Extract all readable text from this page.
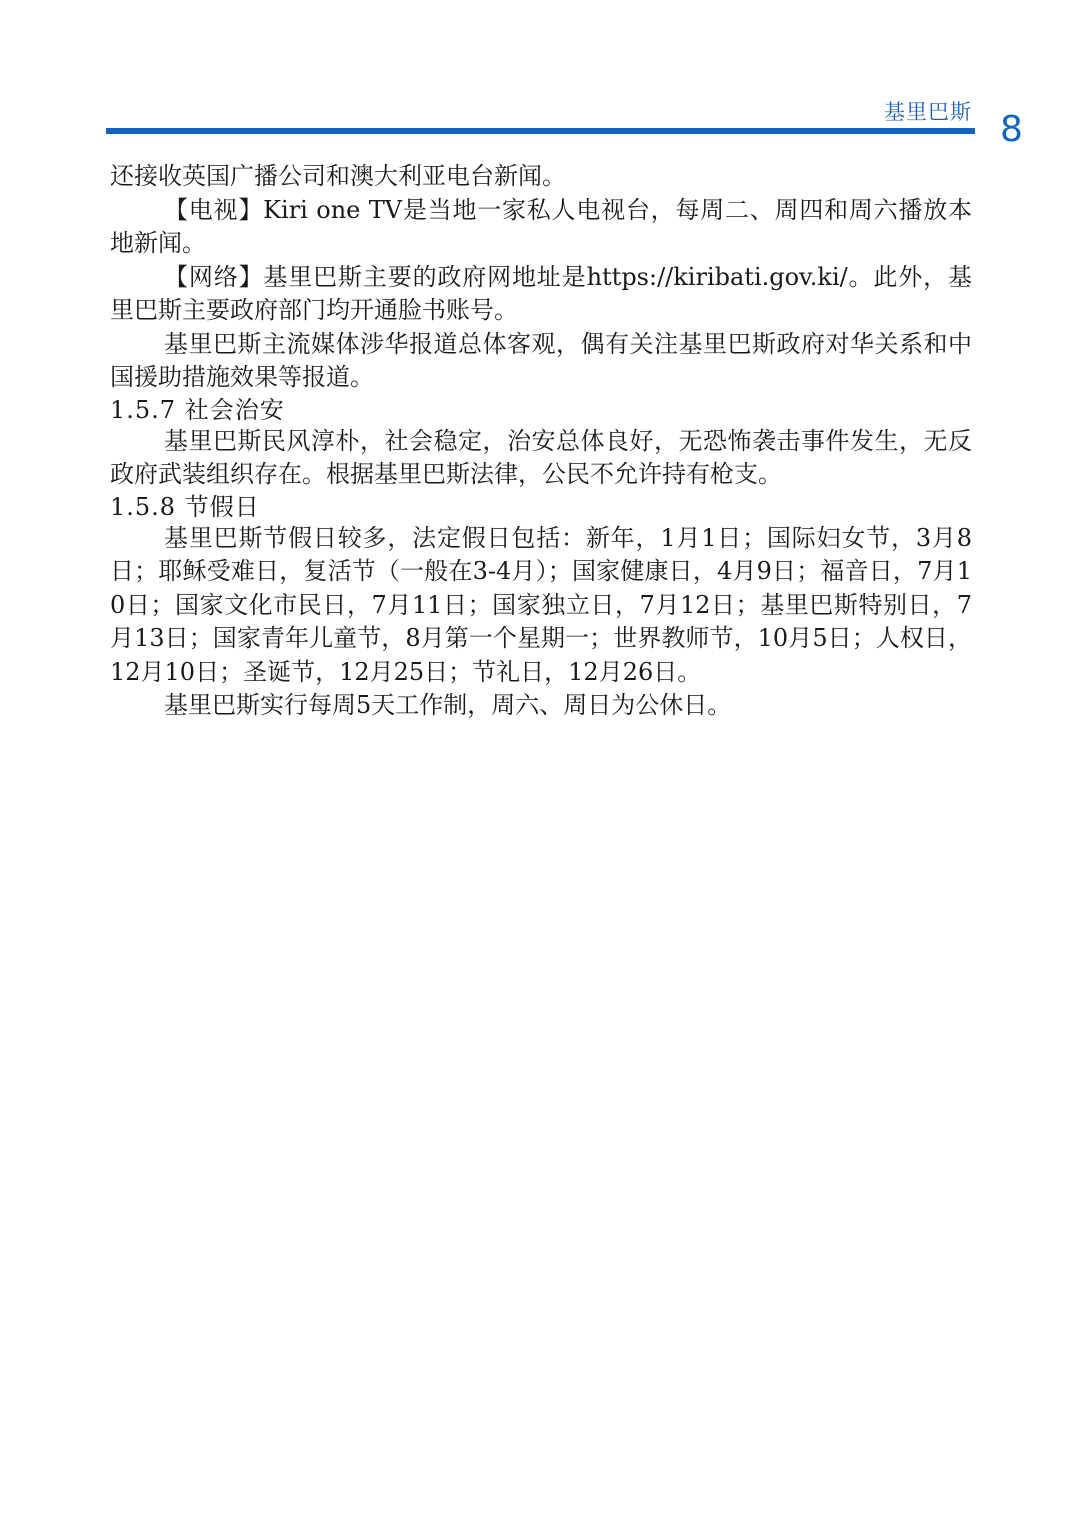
基里巴斯 8

还接收英国广播公司和澳大利亚电台新闻。

【电视】Kiri one TV是当地一家私人电视台，每周二、周四和周六播放本地新闻。

【网络】基里巴斯主要的政府网地址是https://kiribati.gov.ki/。此外，基里巴斯主要政府部门均开通脸书账号。

基里巴斯主流媒体涉华报道总体客观，偶有关注基里巴斯政府对华关系和中国援助措施效果等报道。

1.5.7 社会治安

基里巴斯民风淳朴，社会稳定，治安总体良好，无恐怖袭击事件发生，无反政府武装组织存在。根据基里巴斯法律，公民不允许持有枪支。

1.5.8 节假日

基里巴斯节假日较多，法定假日包括：新年，1月1日；国际妇女节，3月8日；耶稣受难日，复活节（一般在3-4月）；国家健康日，4月9日；福音日，7月10日；国家文化市民日，7月11日；国家独立日，7月12日；基里巴斯特别日，7月13日；国家青年儿童节，8月第一个星期一；世界教师节，10月5日；人权日，12月10日；圣诞节，12月25日；节礼日，12月26日。

基里巴斯实行每周5天工作制，周六、周日为公休日。
